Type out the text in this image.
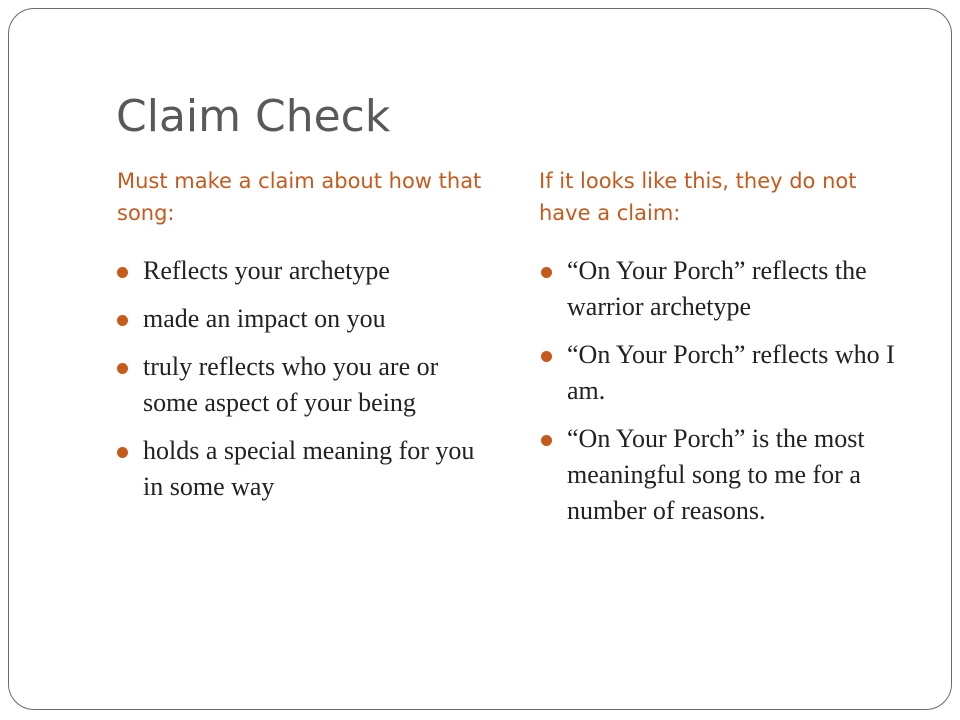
Claim Check
Must make a claim about how that song:
If it looks like this, they do not have a claim:
Reflects your archetype
made an impact on you
truly reflects who you are or some aspect of your being
holds a special meaning for you in some way
“On Your Porch” reflects the warrior archetype
“On Your Porch” reflects who I am.
“On Your Porch” is the most meaningful song to me for a number of reasons.
